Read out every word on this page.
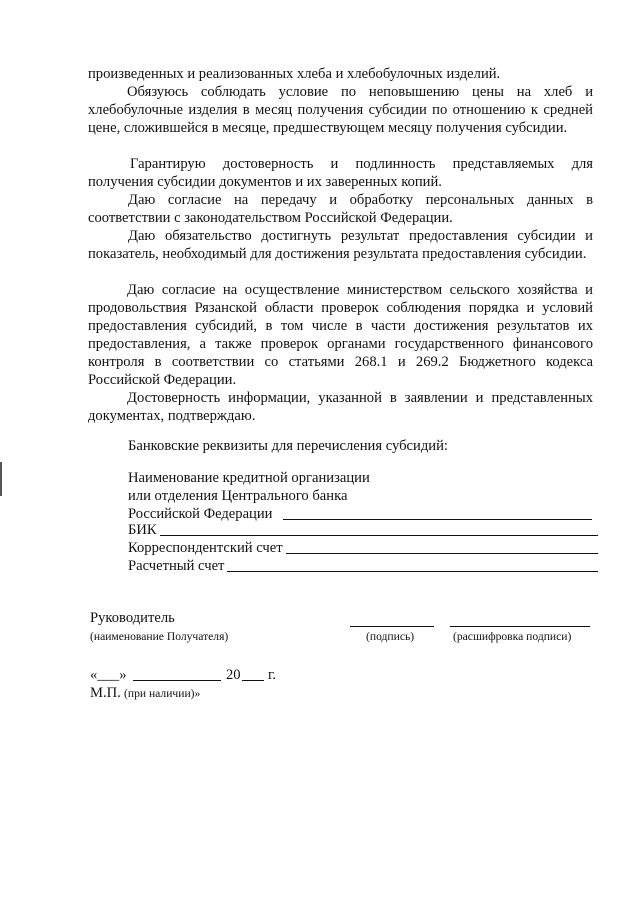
произведенных и реализованных хлеба и хлебобулочных изделий.
Обязуюсь соблюдать условие по неповышению цены на хлеб и хлебобулочные изделия в месяц получения субсидии по отношению к средней цене, сложившейся в месяце, предшествующем месяцу получения субсидии.
Гарантирую достоверность и подлинность представляемых для получения субсидии документов и их заверенных копий.
Даю согласие на передачу и обработку персональных данных в соответствии с законодательством Российской Федерации.
Даю обязательство достигнуть результат предоставления субсидии и показатель, необходимый для достижения результата предоставления субсидии.
Даю согласие на осуществление министерством сельского хозяйства и продовольствия Рязанской области проверок соблюдения порядка и условий предоставления субсидий, в том числе в части достижения результатов их предоставления, а также проверок органами государственного финансового контроля в соответствии со статьями 268.1 и 269.2 Бюджетного кодекса Российской Федерации.
Достоверность информации, указанной в заявлении и представленных документах, подтверждаю.
Банковские реквизиты для перечисления субсидий:
Наименование кредитной организации
или отделения Центрального банка
Российской Федерации
БИК
Корреспондентский счет
Расчетный счет
Руководитель
(наименование Получателя)	(подпись)	(расшифровка подписи)
«___»	20 г.
М.П. (при наличии)»
